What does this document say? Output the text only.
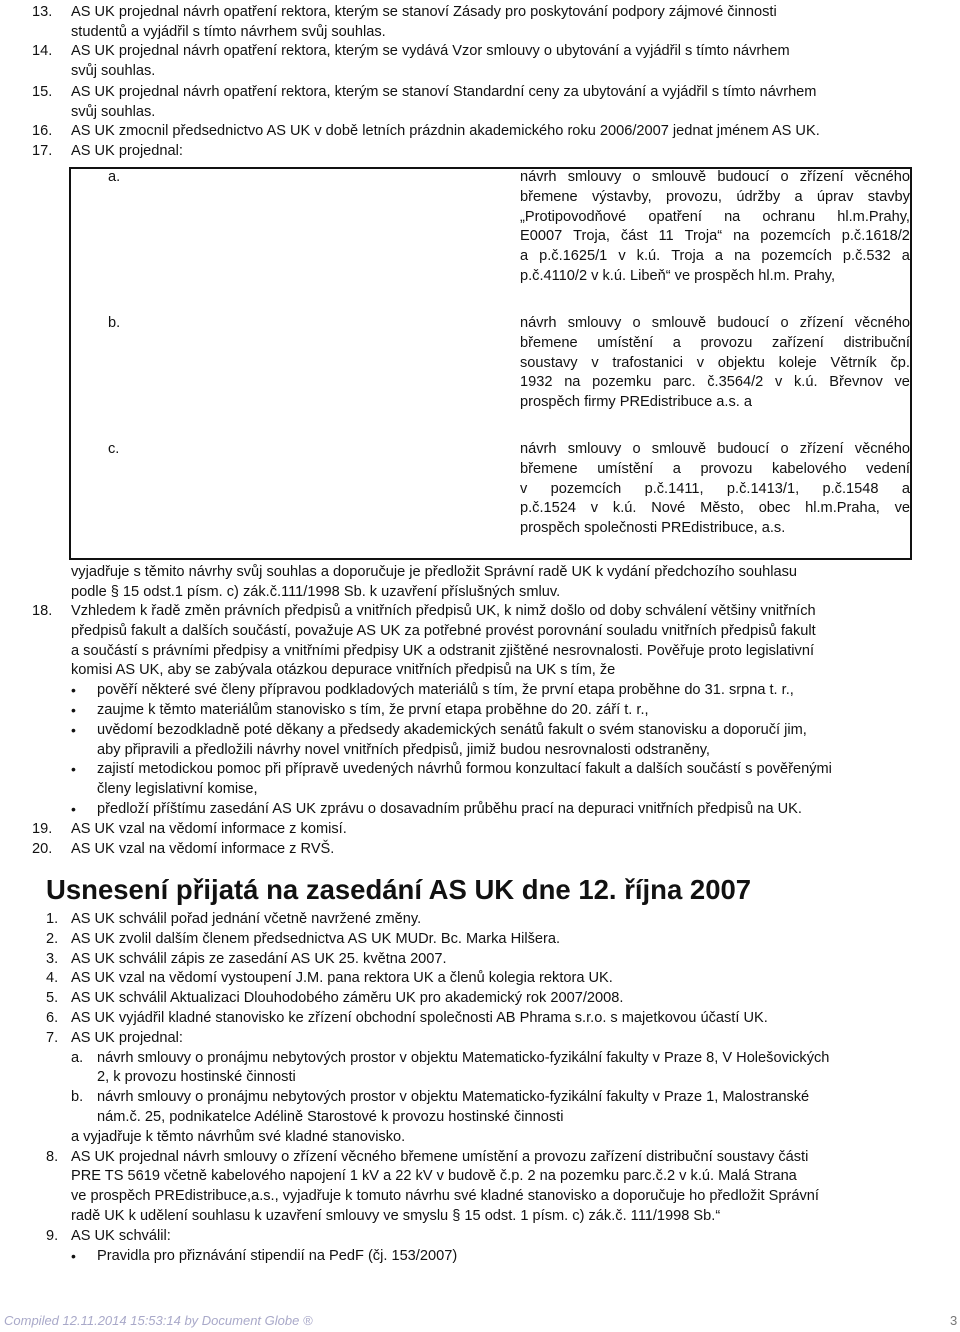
13. AS UK projednal návrh opatření rektora, kterým se stanoví Zásady pro poskytování podpory zájmové činnosti
studentů a vyjádřil s tímto návrhem svůj souhlas.
14. AS UK projednal návrh opatření rektora, kterým se vydává Vzor smlouvy o ubytování a vyjádřil s tímto návrhem
svůj souhlas.
15. AS UK projednal návrh opatření rektora, kterým se stanoví Standardní ceny za ubytování a vyjádřil s tímto návrhem
svůj souhlas.
16. AS UK zmocnil předsednictvo AS UK v době letních prázdnin akademického roku 2006/2007 jednat jménem AS UK.
17. AS UK projednal:
a.	návrh smlouvy o smlouvě budoucí o zřízení věcného
břemene výstavby, provozu, údržby a úprav stavby
„Protipovodňové opatření na ochranu hl.m.Prahy,
E0007 Troja, část 11 Troja“ na pozemcích p.č.1618/2
a p.č.1625/1 v k.ú. Troja a na pozemcích p.č.532 a
p.č.4110/2 v k.ú. Libeň“ ve prospěch hl.m. Prahy,
b.	návrh smlouvy o smlouvě budoucí o zřízení věcného
břemene umístění a provozu zařízení distribuční
soustavy v trafostanici v objektu koleje Větrník čp.
1932 na pozemku parc. č.3564/2 v k.ú. Břevnov ve
prospěch firmy PREdistribuce a.s. a
c.	návrh smlouvy o smlouvě budoucí o zřízení věcného
břemene umístění a provozu kabelového vedení
v pozemcích p.č.1411, p.č.1413/1, p.č.1548 a
p.č.1524 v k.ú. Nové Město, obec hl.m.Praha, ve
prospěch společnosti PREdistribuce, a.s.
vyjadřuje s těmito návrhy svůj souhlas a doporučuje je předložit Správní radě UK k vydání předchozího souhlasu
podle § 15 odst.1 písm. c) zák.č.111/1998 Sb. k uzavření příslušných smluv.
18. Vzhledem k řadě změn právních předpisů a vnitřních předpisů UK, k nimž došlo od doby schválení většiny vnitřních
předpisů fakult a dalších součástí, považuje AS UK za potřebné provést porovnání souladu vnitřních předpisů fakult
a součástí s právními předpisy a vnitřními předpisy UK a odstranit zjištěné nesrovnalosti. Pověřuje proto legislativní
komisi AS UK, aby se zabývala otázkou depurace vnitřních předpisů na UK s tím, že
• pověří některé své členy přípravou podkladových materiálů s tím, že první etapa proběhne do 31. srpna t. r.,
• zaujme k těmto materiálům stanovisko s tím, že první etapa proběhne do 20. září t. r.,
• uvědomí bezodkladně poté děkany a předsedy akademických senátů fakult o svém stanovisku a doporučí jim,
aby připravili a předložili návrhy novel vnitřních předpisů, jimiž budou nesrovnalosti odstraněny,
• zajistí metodickou pomoc při přípravě uvedených návrhů formou konzultací fakult a dalších součástí s pověřenými
členy legislativní komise,
• předloží příštímu zasedání AS UK zprávu o dosavadním průběhu prací na depuraci vnitřních předpisů na UK.
19. AS UK vzal na vědomí informace z komisí.
20. AS UK vzal na vědomí informace z RVŠ.
1. AS UK schválil pořad jednání včetně navržené změny.
2. AS UK zvolil dalším členem předsednictva AS UK MUDr. Bc. Marka Hilšera.
3. AS UK schválil zápis ze zasedání AS UK 25. května 2007.
4. AS UK vzal na vědomí vystoupení J.M. pana rektora UK a členů kolegia rektora UK.
5. AS UK schválil Aktualizaci Dlouhodobého záměru UK pro akademický rok 2007/2008.
6. AS UK vyjádřil kladné stanovisko ke zřízení obchodní společnosti AB Phrama s.r.o. s majetkovou účastí UK.
7. AS UK projednal:
a. návrh smlouvy o pronájmu nebytových prostor v objektu Matematicko-fyzikální fakulty v Praze 8, V Holešovických
2, k provozu hostinské činnosti
b. návrh smlouvy o pronájmu nebytových prostor v objektu Matematicko-fyzikální fakulty v Praze 1, Malostranské
nám.č. 25, podnikatelce Adélině Starostové k provozu hostinské činnosti
a vyjadřuje k těmto návrhům své kladné stanovisko.
8. AS UK projednal návrh smlouvy o zřízení věcného břemene umístění a provozu zařízení distribuční soustavy části
PRE TS 5619 včetně kabelového napojení 1 kV a 22 kV v budově č.p. 2 na pozemku parc.č.2 v k.ú. Malá Strana
ve prospěch PREdistribuce,a.s., vyjadřuje k tomuto návrhu své kladné stanovisko a doporučuje ho předložit Správní
radě UK k udělení souhlasu k uzavření smlouvy ve smyslu § 15 odst. 1 písm. c) zák.č. 111/1998 Sb.“
9. AS UK schválil:
• Pravidla pro přiznávání stipendií na PedF (čj. 153/2007)
Usnesení přijatá na zasedání AS UK dne 12. října 2007
Compiled 12.11.2014 15:53:14 by Document Globe ®	3
